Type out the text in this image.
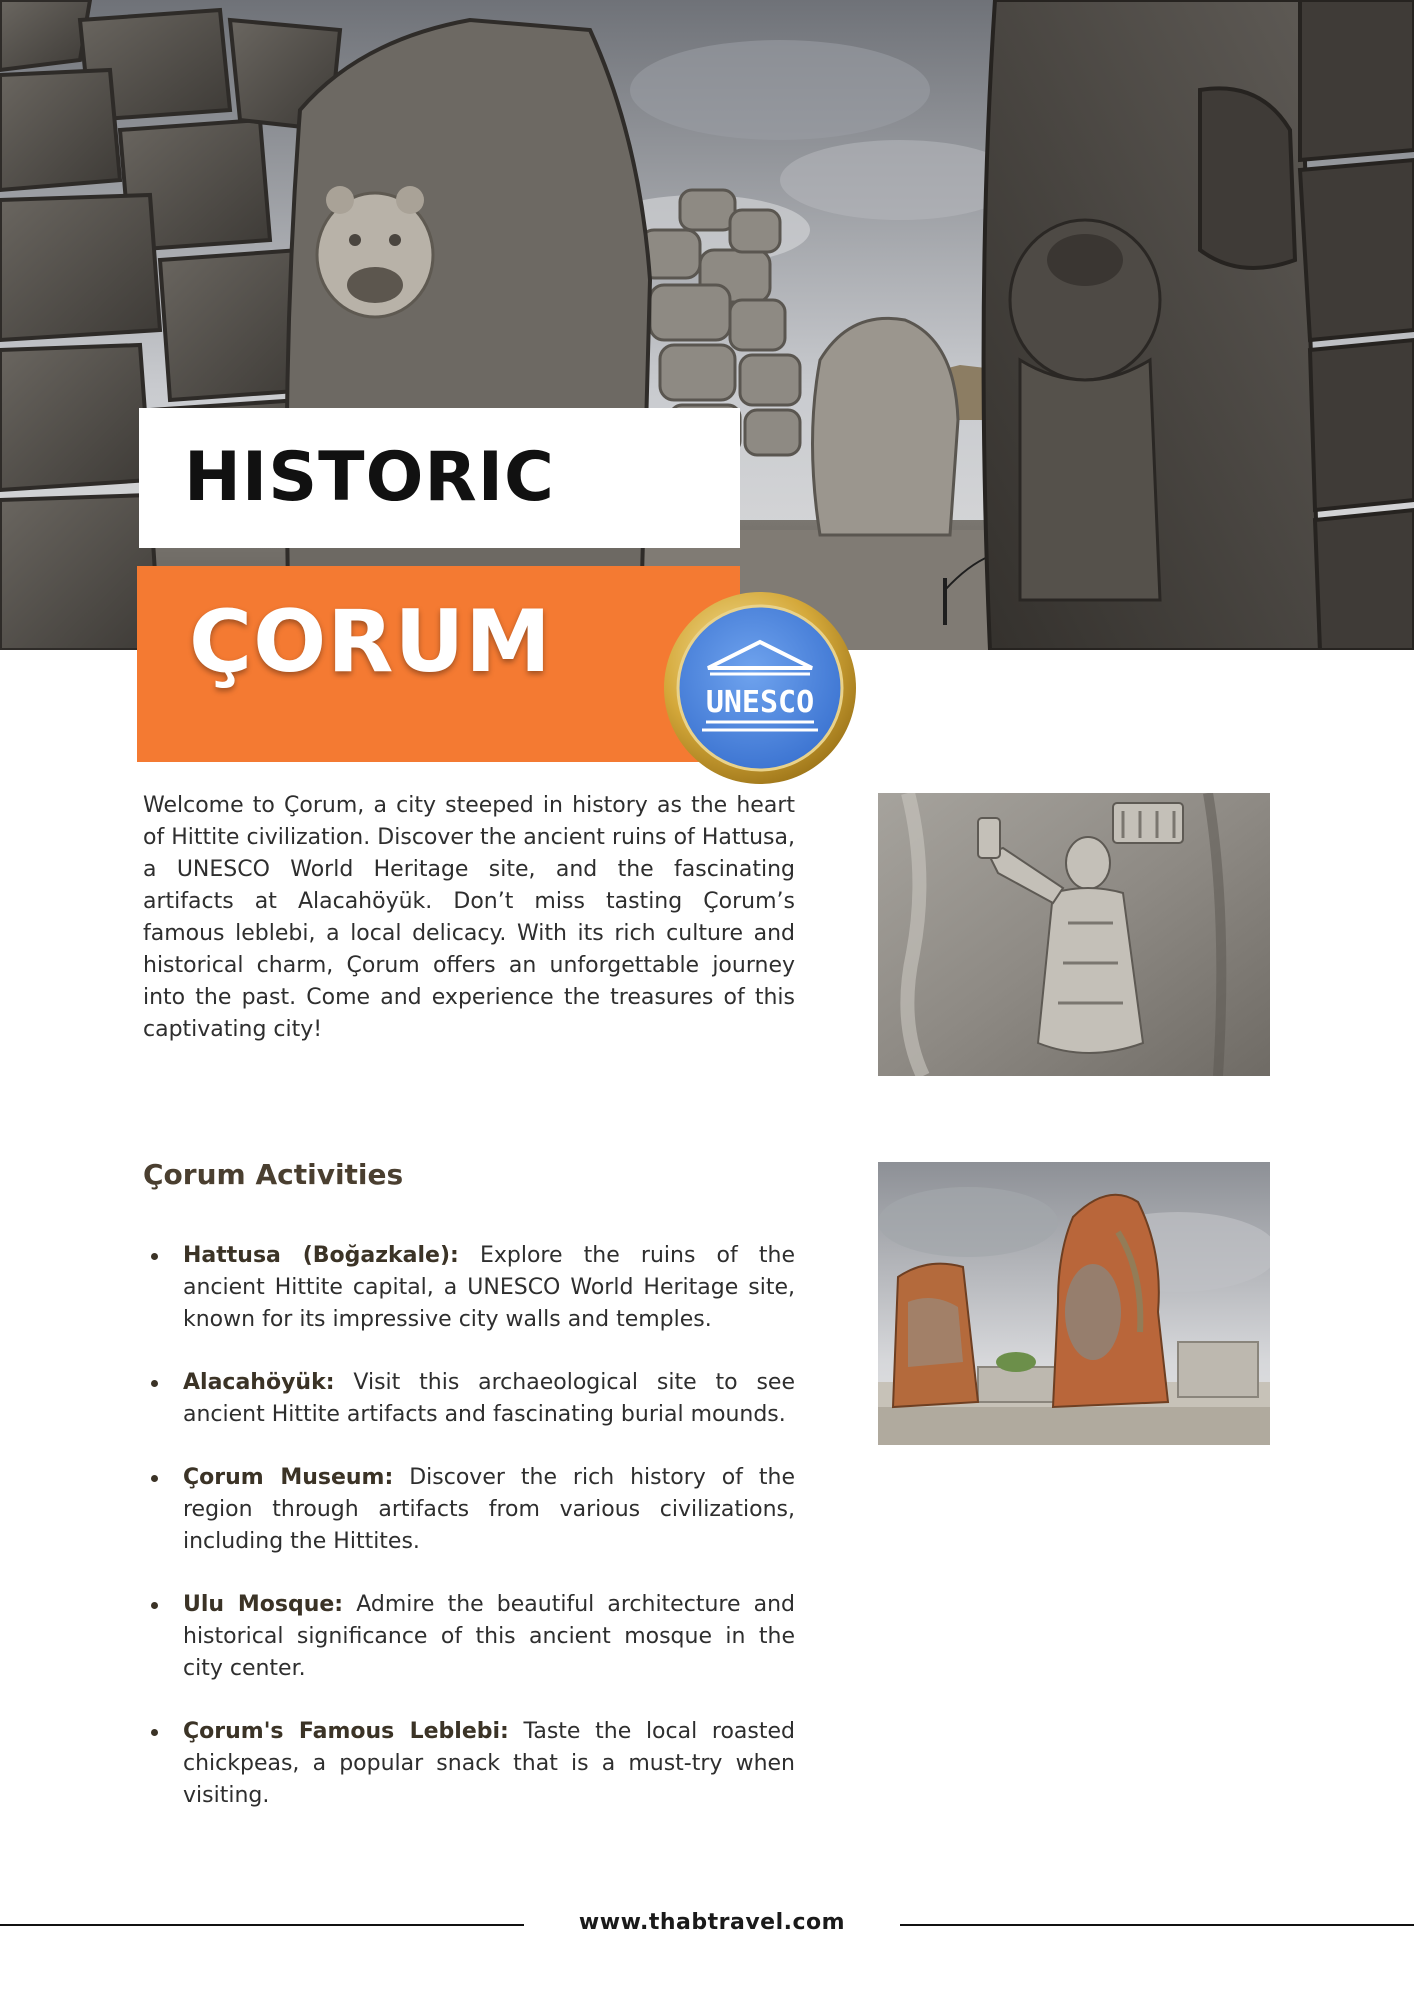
HISTORIC
ÇORUM
UNESCO

Welcome to Çorum, a city steeped in history as the heart of Hittite civilization. Discover the ancient ruins of Hattusa, a UNESCO World Heritage site, and the fascinating artifacts at Alacahöyük. Don’t miss tasting Çorum’s famous leblebi, a local delicacy. With its rich culture and historical charm, Çorum offers an unforgettable journey into the past. Come and experience the treasures of this captivating city!

Çorum Activities
Hattusa (Boğazkale): Explore the ruins of the ancient Hittite capital, a UNESCO World Heritage site, known for its impressive city walls and temples.
Alacahöyük: Visit this archaeological site to see ancient Hittite artifacts and fascinating burial mounds.
Çorum Museum: Discover the rich history of the region through artifacts from various civilizations, including the Hittites.
Ulu Mosque: Admire the beautiful architecture and historical significance of this ancient mosque in the city center.
Çorum's Famous Leblebi: Taste the local roasted chickpeas, a popular snack that is a must-try when visiting.
www.thabtravel.com
